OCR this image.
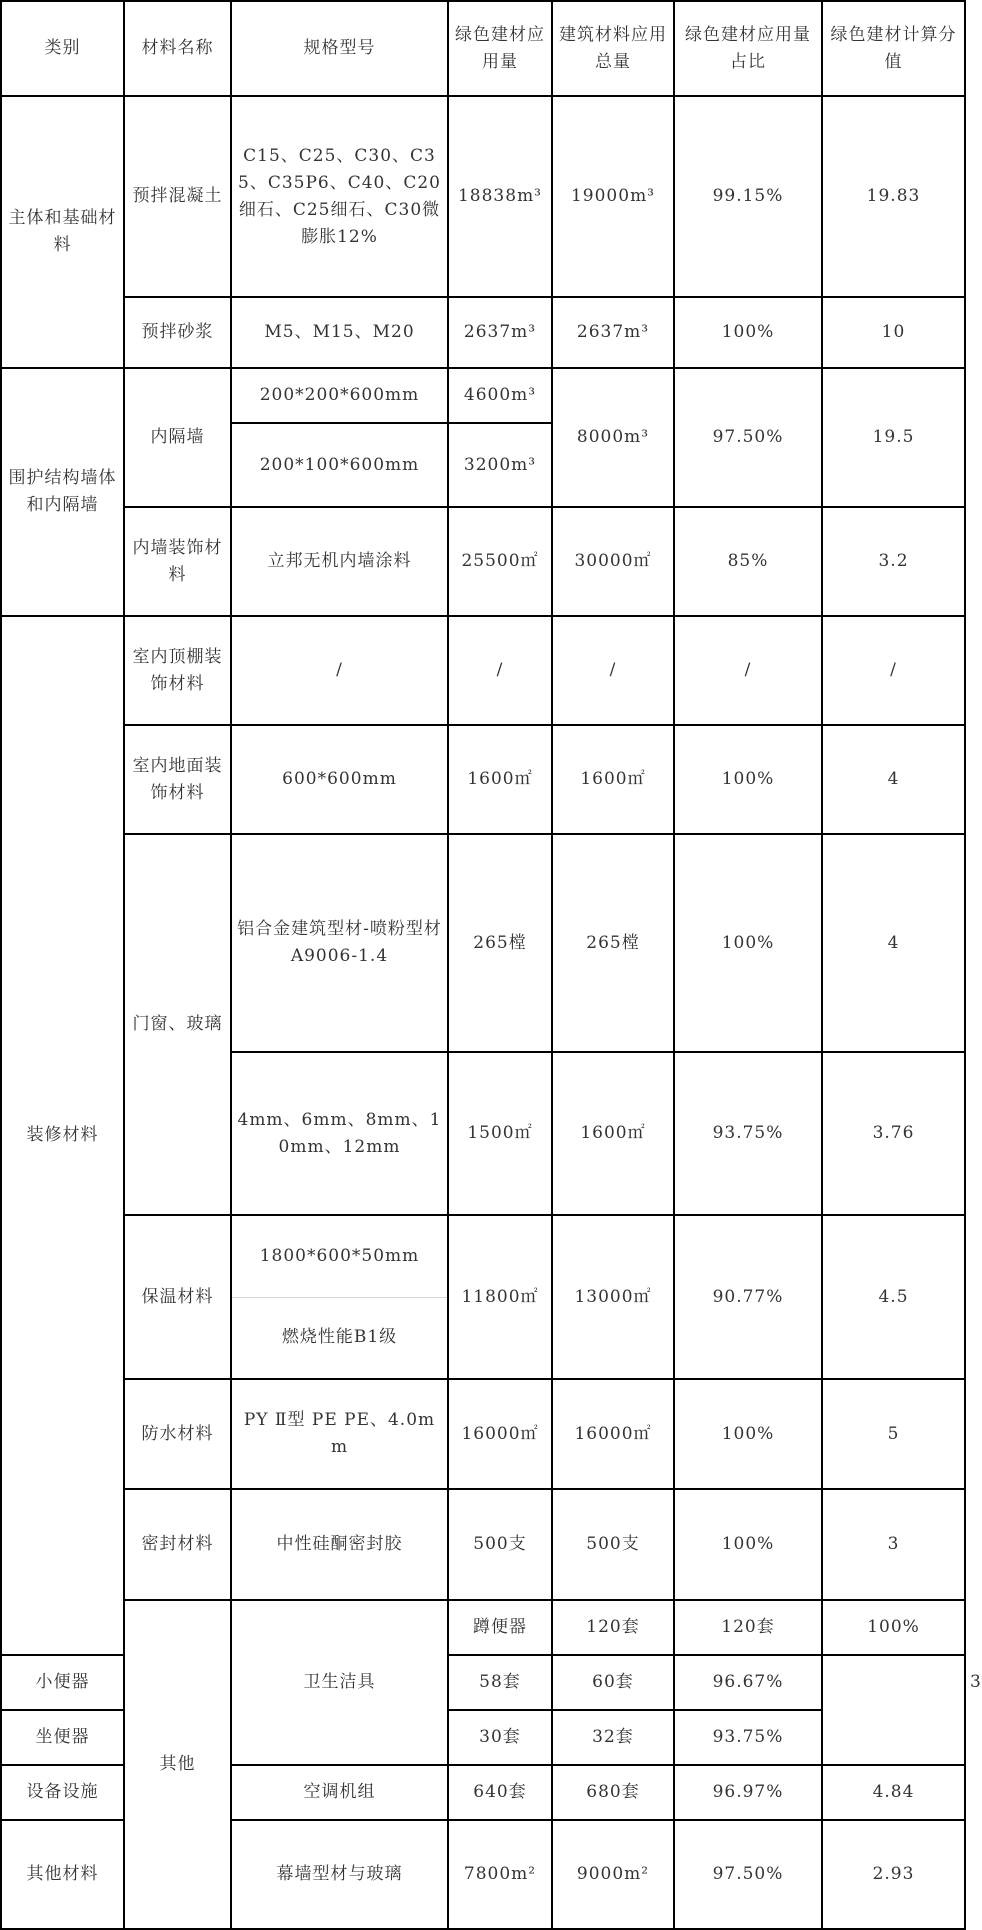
类别	材料名称	规格型号	绿色建材应用量	建筑材料应用总量	绿色建材应用量占比	绿色建材计算分值	
主体和基础材料	预拌混凝土	C15、C25、C30、C35、C35P6、C40、C20细石、C25细石、C30微膨胀12%	18838m³	19000m³	99.15%	19.83	
	预拌砂浆	M5、M15、M20	2637m³	2637m³	100%	10	
围护结构墙体和内隔墙	内隔墙	200*200*600mm	4600m³	8000m³	97.50%	19.5	
		200*100*600mm	3200m³				
	内墙装饰材料	立邦无机内墙涂料	25500㎡	30000㎡	85%	3.2	
装修材料	室内顶棚装饰材料	/	/	/	/	/	
	室内地面装饰材料	600*600mm	1600㎡	1600㎡	100%	4	
	门窗、玻璃	铝合金建筑型材-喷粉型材A9006-1.4	265樘	265樘	100%	4	
		4mm、6mm、8mm、10mm、12mm	1500㎡	1600㎡	93.75%	3.76	
	保温材料	1800*600*50mm	11800㎡	13000㎡	90.77%	4.5	
		燃烧性能B1级					
	防水材料	PY Ⅱ型 PE PE、4.0mm	16000㎡	16000㎡	100%	5	
	密封材料	中性硅酮密封胶	500支	500支	100%	3	
	其他	卫生洁具	蹲便器	120套	120套	100%	3
小便器			58套	60套	96.67%		
坐便器			30套	32套	93.75%		
设备设施		空调机组	640套	680套	96.97%	4.84	
其他材料		幕墙型材与玻璃	7800m²	9000m²	97.50%	2.93	
